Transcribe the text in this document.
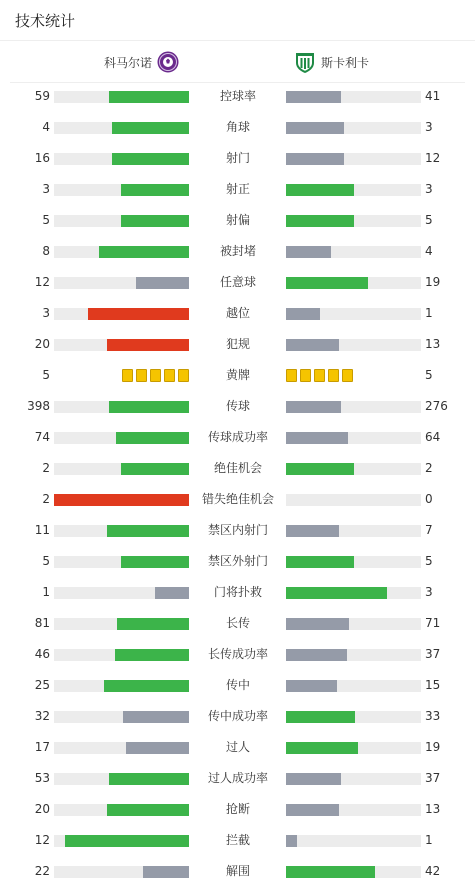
技术统计
科马尔诺	斯卡利卡
59	控球率	41
4	角球	3
16	射门	12
3	射正	3
5	射偏	5
8	被封堵	4
12	任意球	19
3	越位	1
20	犯规	13
5	黄牌	5
398	传球	276
74	传球成功率	64
2	绝佳机会	2
2	错失绝佳机会	0
11	禁区内射门	7
5	禁区外射门	5
1	门将扑救	3
81	长传	71
46	长传成功率	37
25	传中	15
32	传中成功率	33
17	过人	19
53	过人成功率	37
20	抢断	13
12	拦截	1
22	解围	42
